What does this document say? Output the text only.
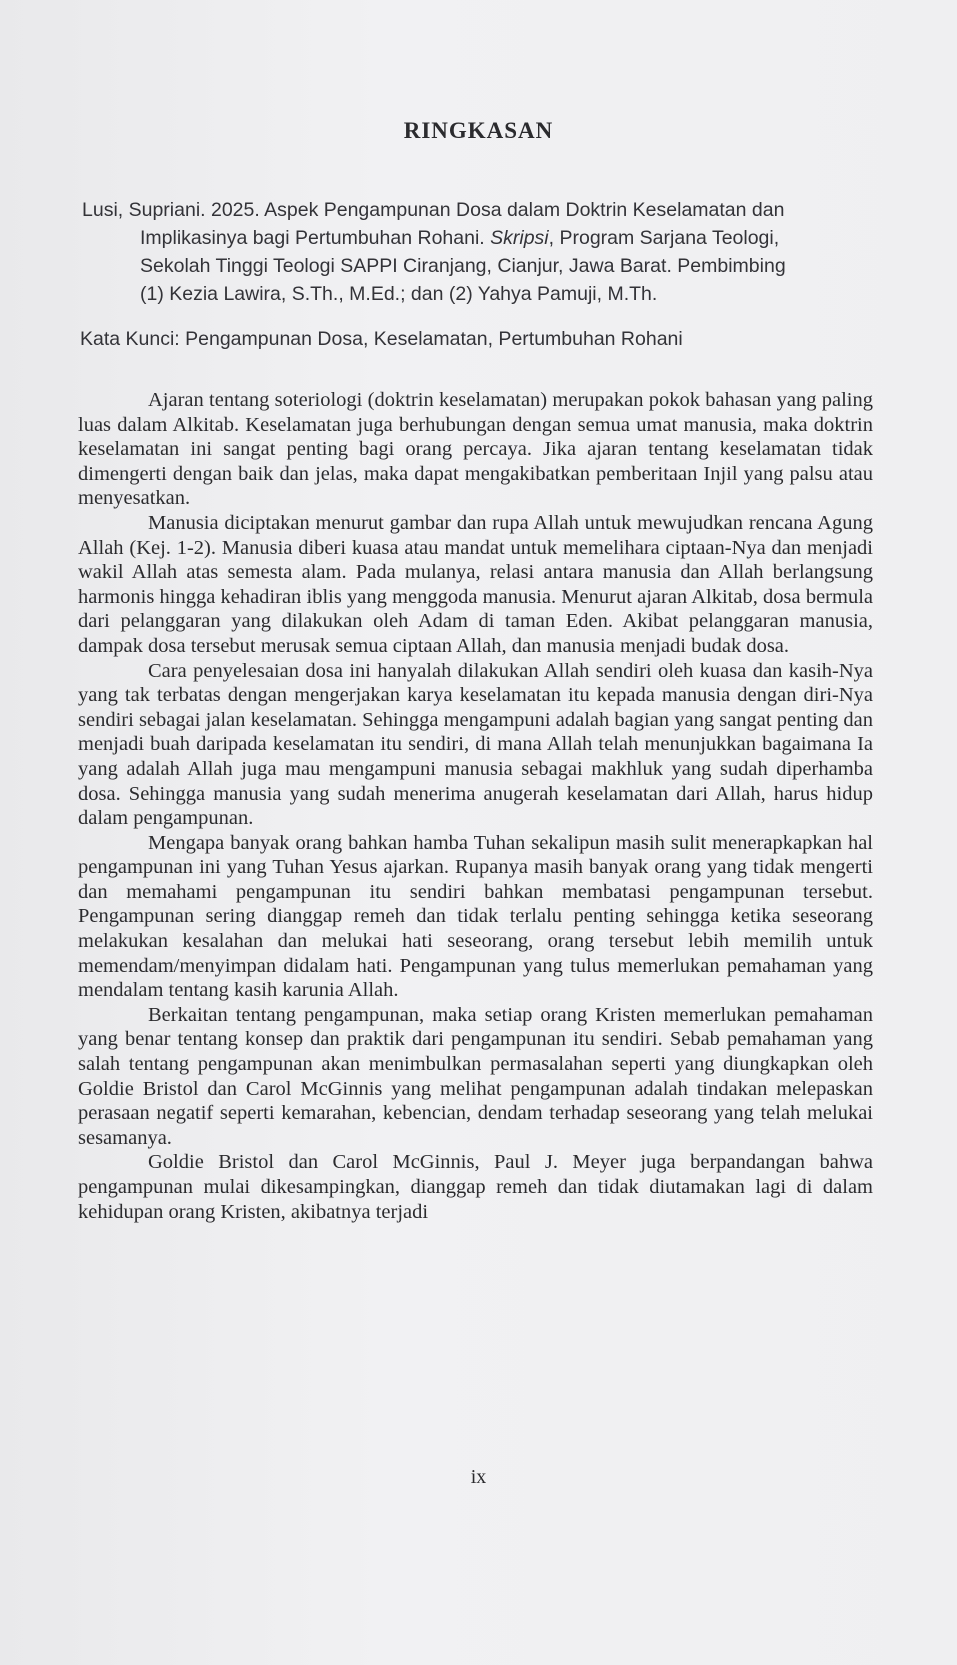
RINGKASAN
Lusi, Supriani. 2025. Aspek Pengampunan Dosa dalam Doktrin Keselamatan dan
Implikasinya bagi Pertumbuhan Rohani. Skripsi, Program Sarjana Teologi,
Sekolah Tinggi Teologi SAPPI Ciranjang, Cianjur, Jawa Barat. Pembimbing
(1) Kezia Lawira, S.Th., M.Ed.; dan (2) Yahya Pamuji, M.Th.
Kata Kunci: Pengampunan Dosa, Keselamatan, Pertumbuhan Rohani

Ajaran tentang soteriologi (doktrin keselamatan) merupakan pokok bahasan yang paling luas dalam Alkitab. Keselamatan juga berhubungan dengan semua umat manusia, maka doktrin keselamatan ini sangat penting bagi orang percaya. Jika ajaran tentang keselamatan tidak dimengerti dengan baik dan jelas, maka dapat mengakibatkan pemberitaan Injil yang palsu atau menyesatkan.

Manusia diciptakan menurut gambar dan rupa Allah untuk mewujudkan rencana Agung Allah (Kej. 1-2). Manusia diberi kuasa atau mandat untuk memelihara ciptaan-Nya dan menjadi wakil Allah atas semesta alam. Pada mulanya, relasi antara manusia dan Allah berlangsung harmonis hingga kehadiran iblis yang menggoda manusia. Menurut ajaran Alkitab, dosa bermula dari pelanggaran yang dilakukan oleh Adam di taman Eden. Akibat pelanggaran manusia, dampak dosa tersebut merusak semua ciptaan Allah, dan manusia menjadi budak dosa.

Cara penyelesaian dosa ini hanyalah dilakukan Allah sendiri oleh kuasa dan kasih-Nya yang tak terbatas dengan mengerjakan karya keselamatan itu kepada manusia dengan diri-Nya sendiri sebagai jalan keselamatan. Sehingga mengampuni adalah bagian yang sangat penting dan menjadi buah daripada keselamatan itu sendiri, di mana Allah telah menunjukkan bagaimana Ia yang adalah Allah juga mau mengampuni manusia sebagai makhluk yang sudah diperhamba dosa. Sehingga manusia yang sudah menerima anugerah keselamatan dari Allah, harus hidup dalam pengampunan.

Mengapa banyak orang bahkan hamba Tuhan sekalipun masih sulit menerapkapkan hal pengampunan ini yang Tuhan Yesus ajarkan. Rupanya masih banyak orang yang tidak mengerti dan memahami pengampunan itu sendiri bahkan membatasi pengampunan tersebut. Pengampunan sering dianggap remeh dan tidak terlalu penting sehingga ketika seseorang melakukan kesalahan dan melukai hati seseorang, orang tersebut lebih memilih untuk memendam/menyimpan didalam hati. Pengampunan yang tulus memerlukan pemahaman yang mendalam tentang kasih karunia Allah.

Berkaitan tentang pengampunan, maka setiap orang Kristen memerlukan pemahaman yang benar tentang konsep dan praktik dari pengampunan itu sendiri. Sebab pemahaman yang salah tentang pengampunan akan menimbulkan permasalahan seperti yang diungkapkan oleh Goldie Bristol dan Carol McGinnis yang melihat pengampunan adalah tindakan melepaskan perasaan negatif seperti kemarahan, kebencian, dendam terhadap seseorang yang telah melukai sesamanya.

Goldie Bristol dan Carol McGinnis, Paul J. Meyer juga berpandangan bahwa pengampunan mulai dikesampingkan, dianggap remeh dan tidak diutamakan lagi di dalam kehidupan orang Kristen, akibatnya terjadi

ix
